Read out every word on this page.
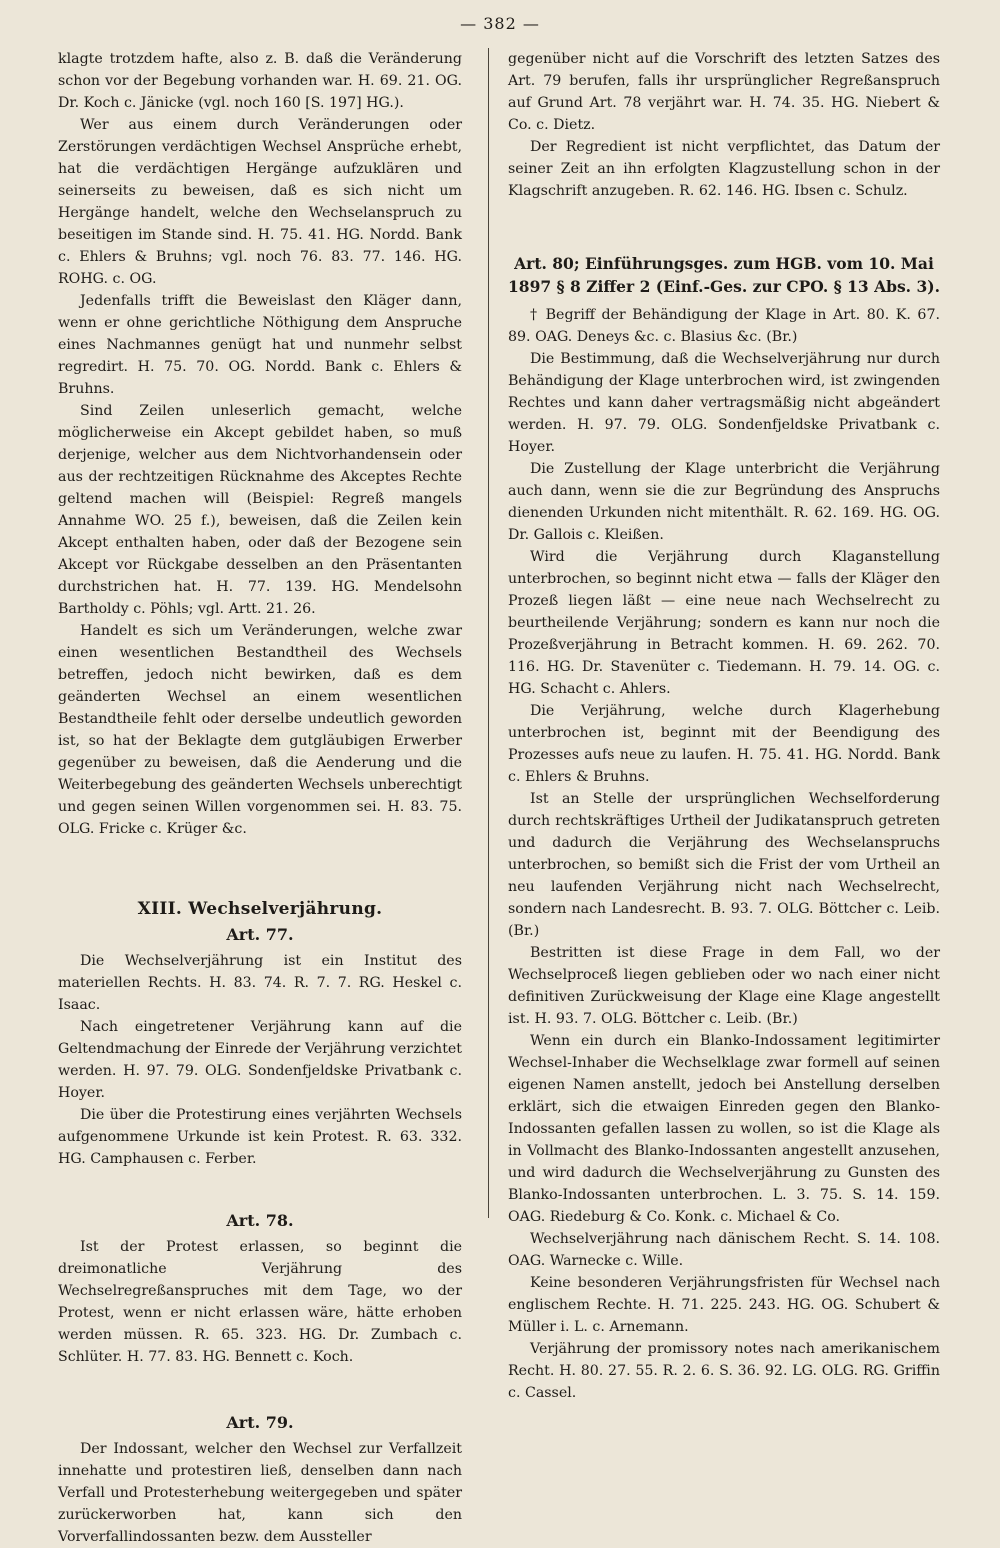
— 382 —

klagte trotzdem hafte, also z. B. daß die Veränderung schon vor der Begebung vorhanden war. H. 69. 21. OG. Dr. Koch c. Jänicke (vgl. noch 160 [S. 197] HG.).

Wer aus einem durch Veränderungen oder Zerstörungen verdächtigen Wechsel Ansprüche erhebt, hat die verdächtigen Hergänge aufzuklären und seinerseits zu beweisen, daß es sich nicht um Hergänge handelt, welche den Wechselanspruch zu beseitigen im Stande sind. H. 75. 41. HG. Nordd. Bank c. Ehlers & Bruhns; vgl. noch 76. 83. 77. 146. HG. ROHG. c. OG.

Jedenfalls trifft die Beweislast den Kläger dann, wenn er ohne gerichtliche Nöthigung dem Anspruche eines Nachmannes genügt hat und nunmehr selbst regredirt. H. 75. 70. OG. Nordd. Bank c. Ehlers & Bruhns.

Sind Zeilen unleserlich gemacht, welche möglicherweise ein Akcept gebildet haben, so muß derjenige, welcher aus dem Nichtvorhandensein oder aus der rechtzeitigen Rücknahme des Akceptes Rechte geltend machen will (Beispiel: Regreß mangels Annahme WO. 25 f.), beweisen, daß die Zeilen kein Akcept enthalten haben, oder daß der Bezogene sein Akcept vor Rückgabe desselben an den Präsentanten durchstrichen hat. H. 77. 139. HG. Mendelsohn Bartholdy c. Pöhls; vgl. Artt. 21. 26.

Handelt es sich um Veränderungen, welche zwar einen wesentlichen Bestandtheil des Wechsels betreffen, jedoch nicht bewirken, daß es dem geänderten Wechsel an einem wesentlichen Bestandtheile fehlt oder derselbe undeutlich geworden ist, so hat der Beklagte dem gutgläubigen Erwerber gegenüber zu beweisen, daß die Aenderung und die Weiterbegebung des geänderten Wechsels unberechtigt und gegen seinen Willen vorgenommen sei. H. 83. 75. OLG. Fricke c. Krüger &c.

XIII. Wechselverjährung.
Art. 77.

Die Wechselverjährung ist ein Institut des materiellen Rechts. H. 83. 74. R. 7. 7. RG. Heskel c. Isaac.

Nach eingetretener Verjährung kann auf die Geltendmachung der Einrede der Verjährung verzichtet werden. H. 97. 79. OLG. Sondenfjeldske Privatbank c. Hoyer.

Die über die Protestirung eines verjährten Wechsels aufgenommene Urkunde ist kein Protest. R. 63. 332. HG. Camphausen c. Ferber.

Art. 78.

Ist der Protest erlassen, so beginnt die dreimonatliche Verjährung des Wechselregreßanspruches mit dem Tage, wo der Protest, wenn er nicht erlassen wäre, hätte erhoben werden müssen. R. 65. 323. HG. Dr. Zumbach c. Schlüter. H. 77. 83. HG. Bennett c. Koch.

Art. 79.

Der Indossant, welcher den Wechsel zur Verfallzeit innehatte und protestiren ließ, denselben dann nach Verfall und Protesterhebung weitergegeben und später zurückerworben hat, kann sich den Vorverfallindossanten bezw. dem Aussteller

gegenüber nicht auf die Vorschrift des letzten Satzes des Art. 79 berufen, falls ihr ursprünglicher Regreßanspruch auf Grund Art. 78 verjährt war. H. 74. 35. HG. Niebert & Co. c. Dietz.

Der Regredient ist nicht verpflichtet, das Datum der seiner Zeit an ihn erfolgten Klagzustellung schon in der Klagschrift anzugeben. R. 62. 146. HG. Ibsen c. Schulz.

Art. 80; Einführungsges. zum HGB. vom 10. Mai 1897 § 8 Ziffer 2 (Einf.-Ges. zur CPO. § 13 Abs. 3).

† Begriff der Behändigung der Klage in Art. 80. K. 67. 89. OAG. Deneys &c. c. Blasius &c. (Br.)

Die Bestimmung, daß die Wechselverjährung nur durch Behändigung der Klage unterbrochen wird, ist zwingenden Rechtes und kann daher vertragsmäßig nicht abgeändert werden. H. 97. 79. OLG. Sondenfjeldske Privatbank c. Hoyer.

Die Zustellung der Klage unterbricht die Verjährung auch dann, wenn sie die zur Begründung des Anspruchs dienenden Urkunden nicht mitenthält. R. 62. 169. HG. OG. Dr. Gallois c. Kleißen.

Wird die Verjährung durch Klaganstellung unterbrochen, so beginnt nicht etwa — falls der Kläger den Prozeß liegen läßt — eine neue nach Wechselrecht zu beurtheilende Verjährung; sondern es kann nur noch die Prozeßverjährung in Betracht kommen. H. 69. 262. 70. 116. HG. Dr. Stavenüter c. Tiedemann. H. 79. 14. OG. c. HG. Schacht c. Ahlers.

Die Verjährung, welche durch Klagerhebung unterbrochen ist, beginnt mit der Beendigung des Prozesses aufs neue zu laufen. H. 75. 41. HG. Nordd. Bank c. Ehlers & Bruhns.

Ist an Stelle der ursprünglichen Wechselforderung durch rechtskräftiges Urtheil der Judikatanspruch getreten und dadurch die Verjährung des Wechselanspruchs unterbrochen, so bemißt sich die Frist der vom Urtheil an neu laufenden Verjährung nicht nach Wechselrecht, sondern nach Landesrecht. B. 93. 7. OLG. Böttcher c. Leib. (Br.)

Bestritten ist diese Frage in dem Fall, wo der Wechselproceß liegen geblieben oder wo nach einer nicht definitiven Zurückweisung der Klage eine Klage angestellt ist. H. 93. 7. OLG. Böttcher c. Leib. (Br.)

Wenn ein durch ein Blanko-Indossament legitimirter Wechsel-Inhaber die Wechselklage zwar formell auf seinen eigenen Namen anstellt, jedoch bei Anstellung derselben erklärt, sich die etwaigen Einreden gegen den Blanko-Indossanten gefallen lassen zu wollen, so ist die Klage als in Vollmacht des Blanko-Indossanten angestellt anzusehen, und wird dadurch die Wechselverjährung zu Gunsten des Blanko-Indossanten unterbrochen. L. 3. 75. S. 14. 159. OAG. Riedeburg & Co. Konk. c. Michael & Co.

Wechselverjährung nach dänischem Recht. S. 14. 108. OAG. Warnecke c. Wille.

Keine besonderen Verjährungsfristen für Wechsel nach englischem Rechte. H. 71. 225. 243. HG. OG. Schubert & Müller i. L. c. Arnemann.

Verjährung der promissory notes nach amerikanischem Recht. H. 80. 27. 55. R. 2. 6. S. 36. 92. LG. OLG. RG. Griffin c. Cassel.
